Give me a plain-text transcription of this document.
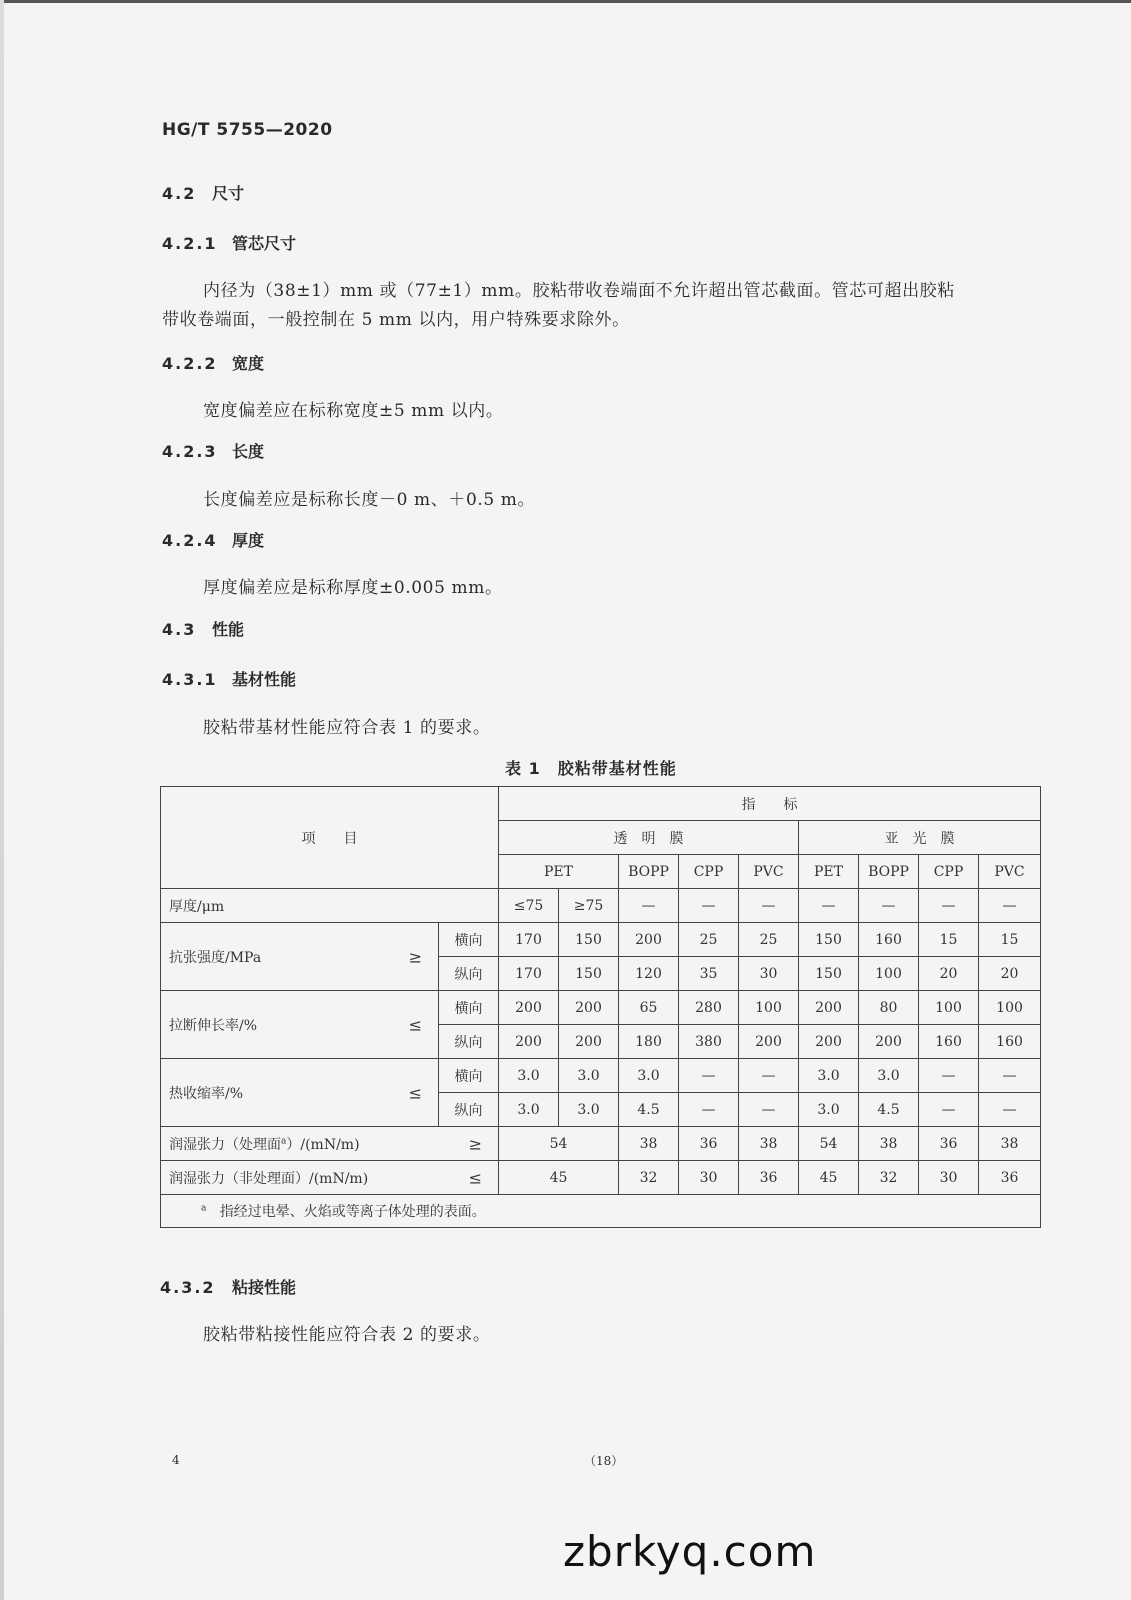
HG/T 5755—2020
4.2 尺寸
4.2.1 管芯尺寸
内径为（38±1）mm 或（77±1）mm。胶粘带收卷端面不允许超出管芯截面。管芯可超出胶粘
带收卷端面，一般控制在 5 mm 以内，用户特殊要求除外。
4.2.2 宽度
宽度偏差应在标称宽度±5 mm 以内。
4.2.3 长度
长度偏差应是标称长度－0 m、＋0.5 m。
4.2.4 厚度
厚度偏差应是标称厚度±0.005 mm。
4.3 性能
4.3.1 基材性能
胶粘带基材性能应符合表 1 的要求。
表 1　胶粘带基材性能
项　　目		指　　标								
		透　明　膜					亚　光　膜			
		PET		BOPP	CPP	PVC	PET	BOPP	CPP	PVC
厚度/μm		≤75	≥75	—	—	—	—	—	—	—
抗张强度/MPa ≥	横向	170	150	200	25	25	150	160	15	15
	纵向	170	150	120	35	30	150	100	20	20
拉断伸长率/% ≤	横向	200	200	65	280	100	200	80	100	100
	纵向	200	200	180	380	200	200	200	160	160
热收缩率/% ≤	横向	3.0	3.0	3.0	—	—	3.0	3.0	—	—
	纵向	3.0	3.0	4.5	—	—	3.0	4.5	—	—
润湿张力（处理面$^a$）/(mN/m) ≥		54		38	36	38	54	38	36	38
润湿张力（非处理面）/(mN/m) ≤		45		32	30	36	45	32	30	36
$^a$ 指经过电晕、火焰或等离子体处理的表面。										
4.3.2 粘接性能
胶粘带粘接性能应符合表 2 的要求。
4	（18）
zbrkyq.com
